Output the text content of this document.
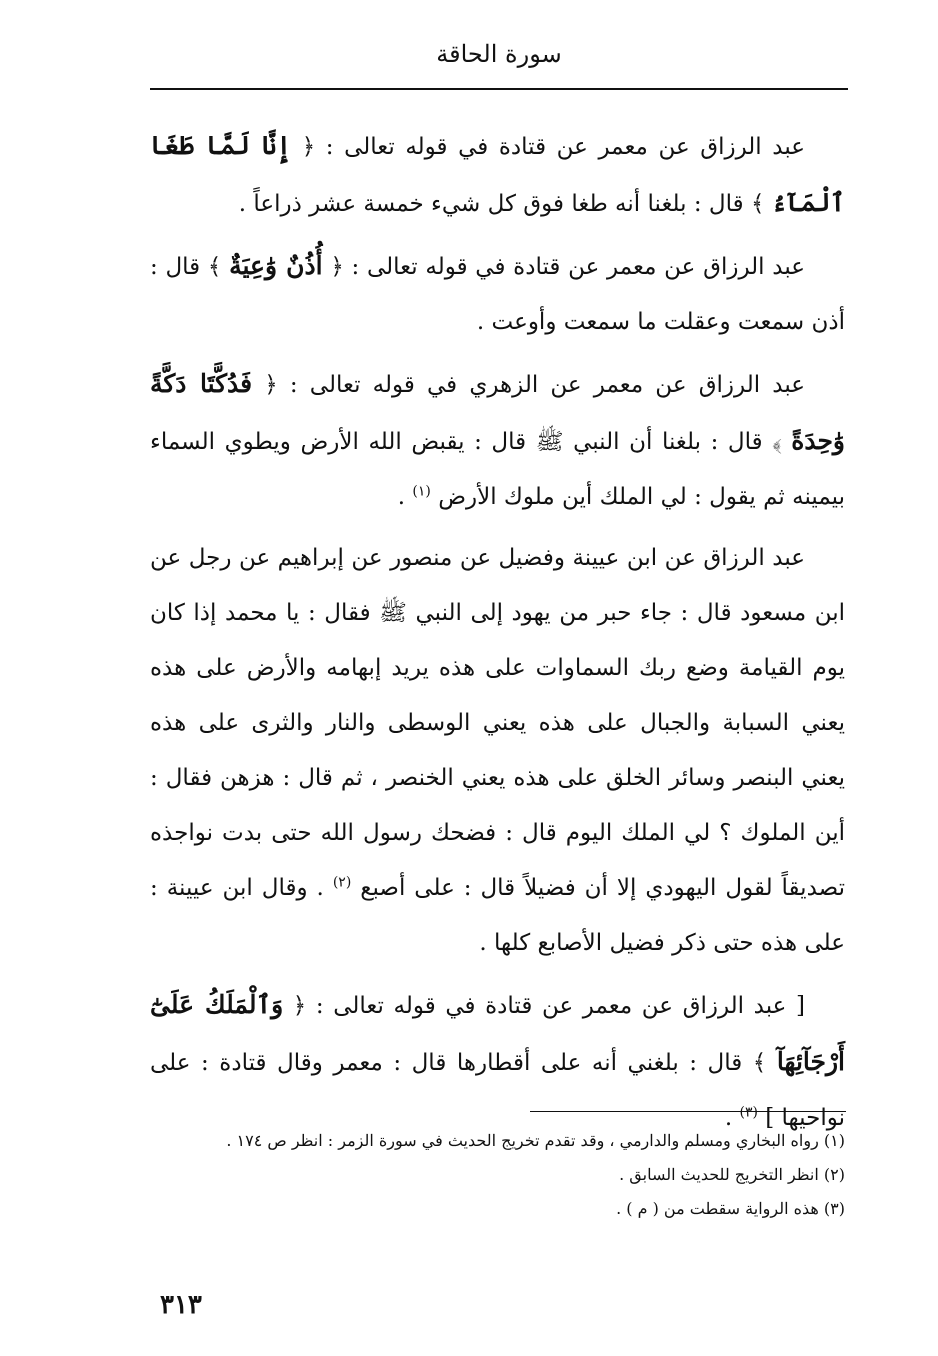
سورة الحاقة

عبد الرزاق عن معمر عن قتادة في قوله تعالى : ﴿ إِنَّا لَمَّا طَغَا ٱلْمَآءُ ﴾ قال : بلغنا أنه طغا فوق كل شيء خمسة عشر ذراعاً .

عبد الرزاق عن معمر عن قتادة في قوله تعالى : ﴿ أُذُنٌ وَٰعِيَةٌ ﴾ قال : أذن سمعت وعقلت ما سمعت وأوعت .

عبد الرزاق عن معمر عن الزهري في قوله تعالى : ﴿ فَدُكَّتَا دَكَّةً وَٰحِدَةً ﴾ قال : بلغنا أن النبي ﷺ قال : يقبض الله الأرض ويطوي السماء بيمينه ثم يقول : لي الملك أين ملوك الأرض $^{(١)}$ .

عبد الرزاق عن ابن عيينة وفضيل عن منصور عن إبراهيم عن رجل عن ابن مسعود قال : جاء حبر من يهود إلى النبي ﷺ فقال : يا محمد إذا كان يوم القيامة وضع ربك السماوات على هذه يريد إبهامه والأرض على هذه يعني السبابة والجبال على هذه يعني الوسطى والنار والثرى على هذه يعني البنصر وسائر الخلق على هذه يعني الخنصر ، ثم قال : هزهن فقال : أين الملوك ؟ لي الملك اليوم قال : فضحك رسول الله حتى بدت نواجذه تصديقاً لقول اليهودي إلا أن فضيلاً قال : على أصبع $^{(٢)}$ . وقال ابن عيينة : على هذه حتى ذكر فضيل الأصابع كلها .

[ عبد الرزاق عن معمر عن قتادة في قوله تعالى : ﴿ وَٱلْمَلَكُ عَلَىٰٓ أَرْجَآئِهَآ ﴾ قال : بلغني أنه على أقطارها قال : معمر وقال قتادة : على نواحيها ] $^{(٣)}$ .

(١) رواه البخاري ومسلم والدارمي ، وقد تقدم تخريج الحديث في سورة الزمر : انظر ص ١٧٤ .

(٢) انظر التخريج للحديث السابق .

(٣) هذه الرواية سقطت من ( م ) .

٣١٣
